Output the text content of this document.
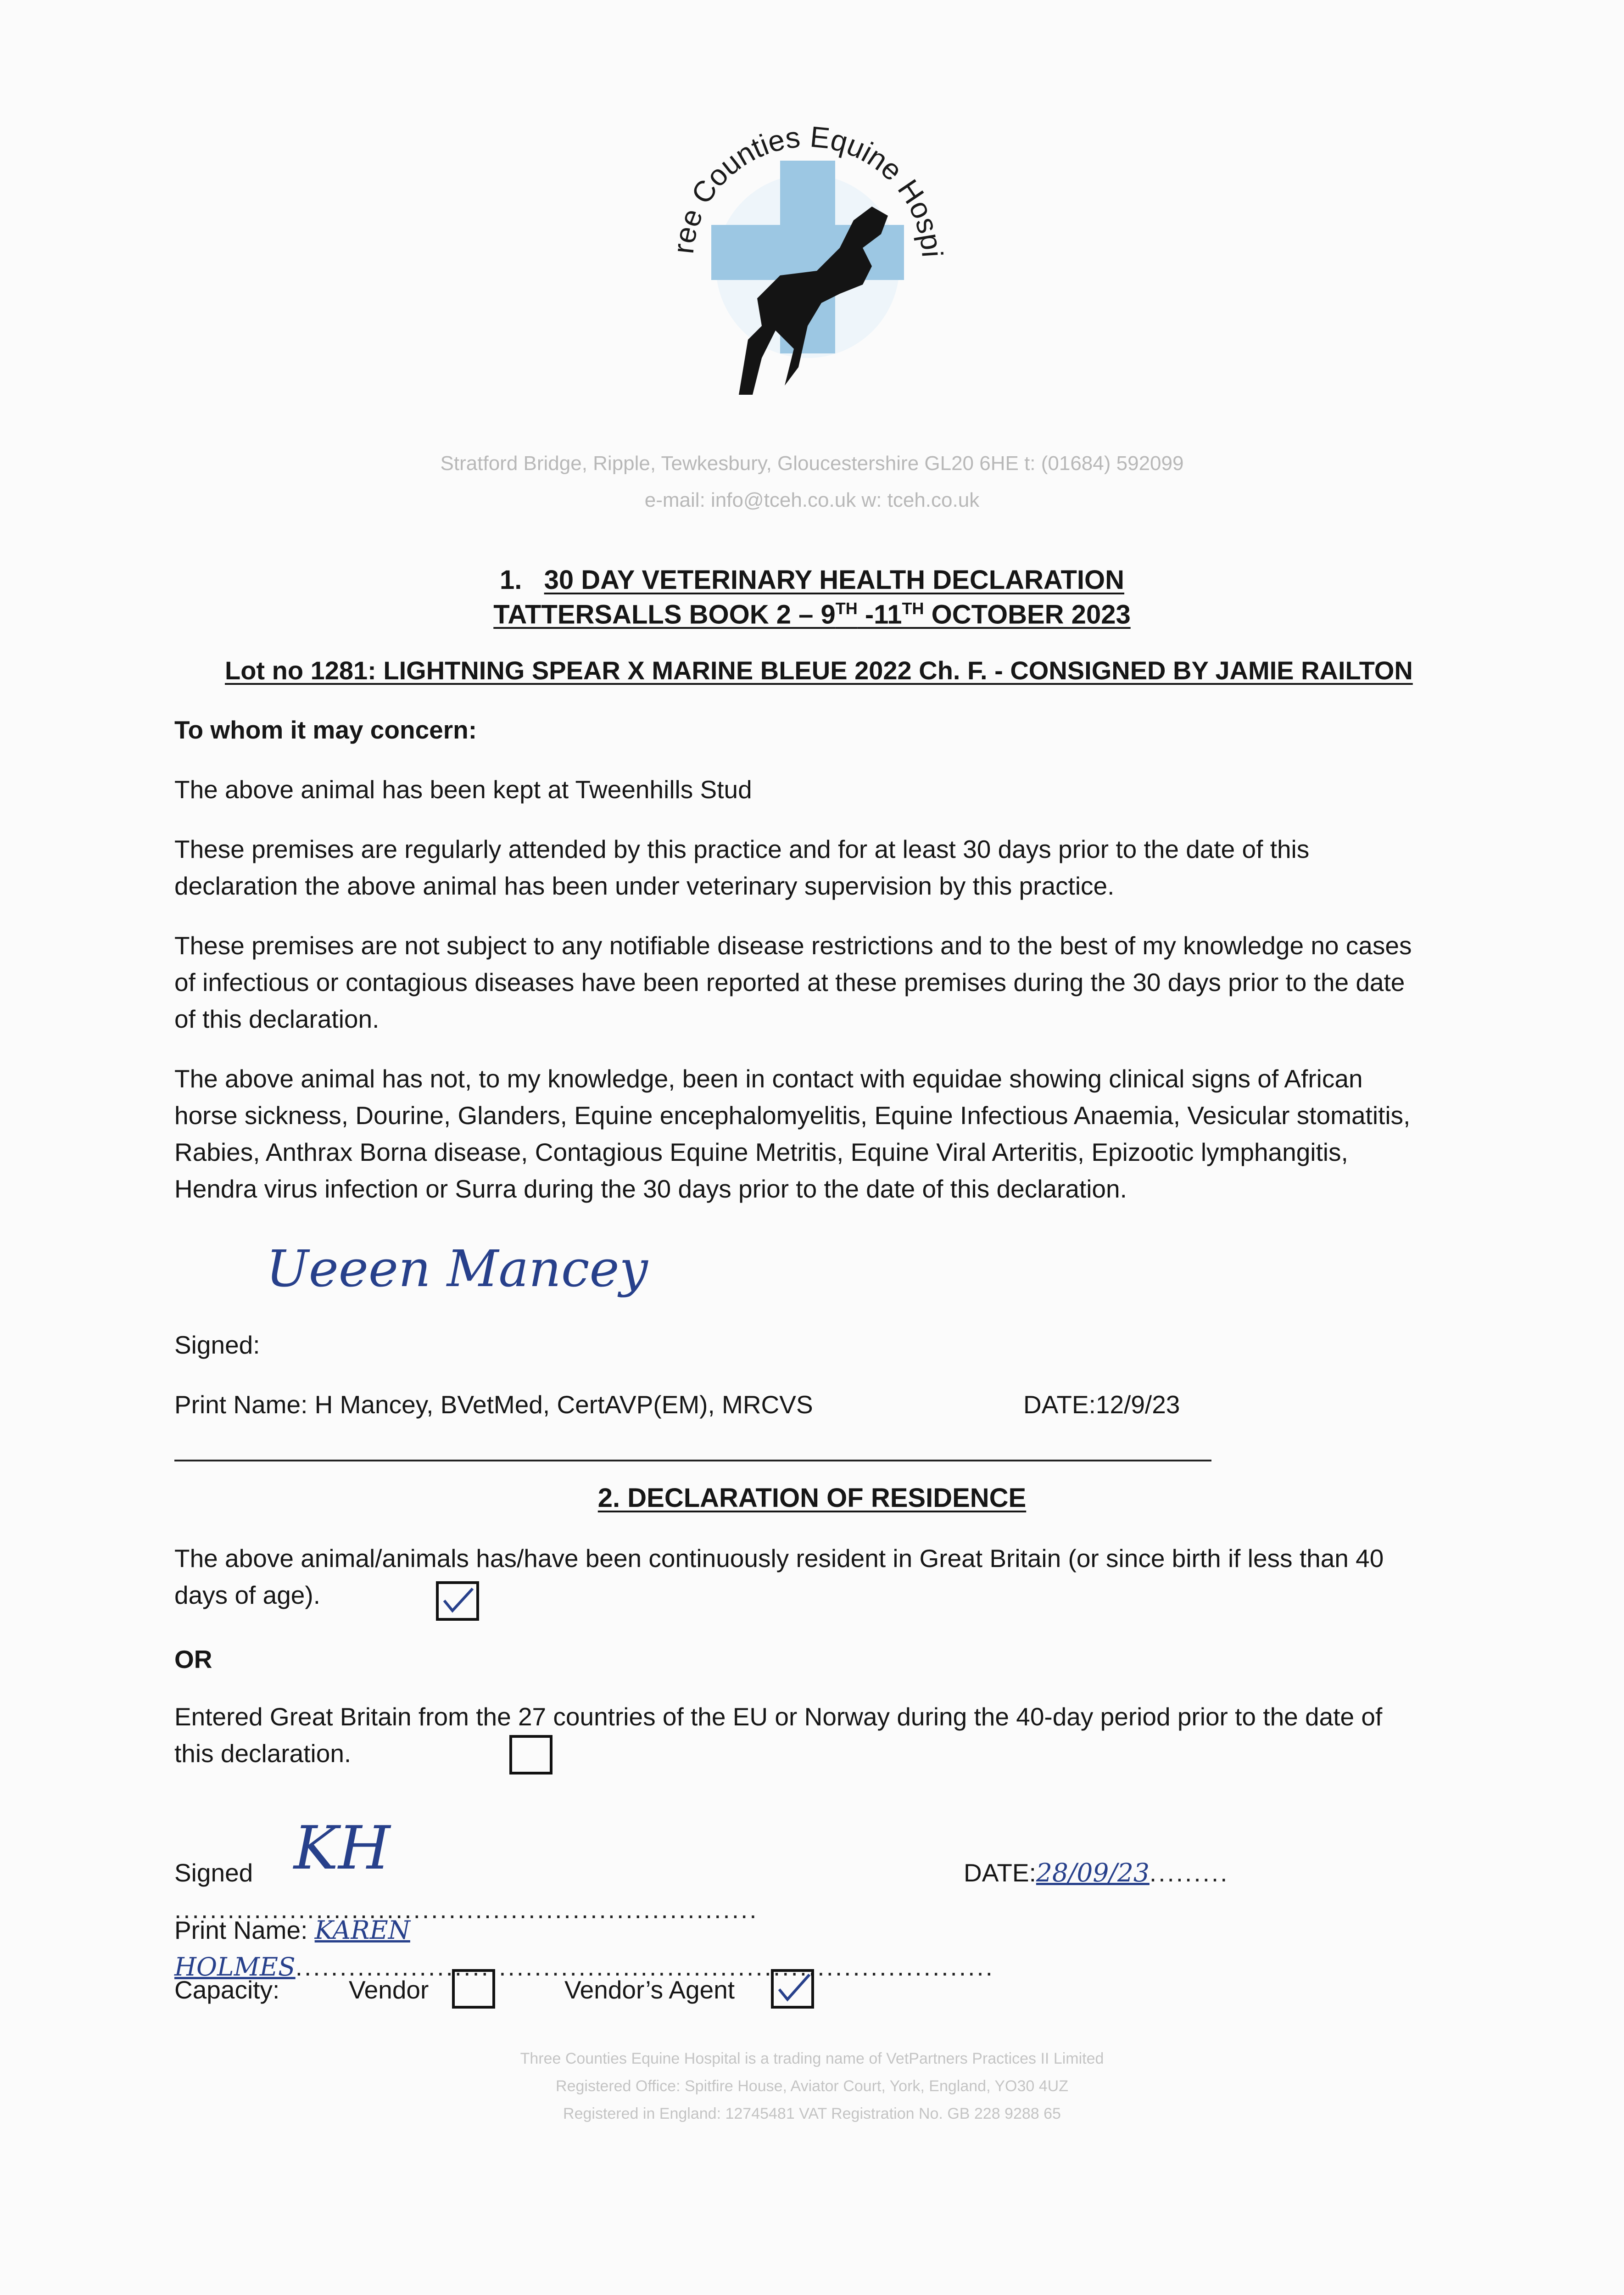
ree Counties Equine Hospi
Stratford Bridge, Ripple, Tewkesbury, Gloucestershire GL20 6HE t: (01684) 592099
e-mail: info@tceh.co.uk w: tceh.co.uk
1. 30 DAY VETERINARY HEALTH DECLARATION
TATTERSALLS BOOK 2 – 9TH -11TH OCTOBER 2023
Lot no 1281: LIGHTNING SPEAR X MARINE BLEUE 2022 Ch. F. - CONSIGNED BY JAMIE RAILTON
To whom it may concern:
The above animal has been kept at Tweenhills Stud
These premises are regularly attended by this practice and for at least 30 days prior to the date of this declaration the above animal has been under veterinary supervision by this practice.
These premises are not subject to any notifiable disease restrictions and to the best of my knowledge no cases of infectious or contagious diseases have been reported at these premises during the 30 days prior to the date of this declaration.
The above animal has not, to my knowledge, been in contact with equidae showing clinical signs of African horse sickness, Dourine, Glanders, Equine encephalomyelitis, Equine Infectious Anaemia, Vesicular stomatitis, Rabies, Anthrax Borna disease, Contagious Equine Metritis, Equine Viral Arteritis, Epizootic lymphangitis, Hendra virus infection or Surra during the 30 days prior to the date of this declaration.
Ueeen Mancey
Signed:
Print Name: H Mancey, BVetMed, CertAVP(EM), MRCVS	DATE:12/9/23
2. DECLARATION OF RESIDENCE
The above animal/animals has/have been continuously resident in Great Britain (or since birth if less than 40 days of age).
OR
Entered Great Britain from the 27 countries of the EU or Norway during the 40-day period prior to the date of this declaration.
Signed ..................................................................
KH	DATE:28/09/23.........
Print Name: KAREN HOLMES...............................................................................
Capacity:	Vendor	Vendor’s Agent
Three Counties Equine Hospital is a trading name of VetPartners Practices II Limited
Registered Office: Spitfire House, Aviator Court, York, England, YO30 4UZ
Registered in England: 12745481 VAT Registration No. GB 228 9288 65
